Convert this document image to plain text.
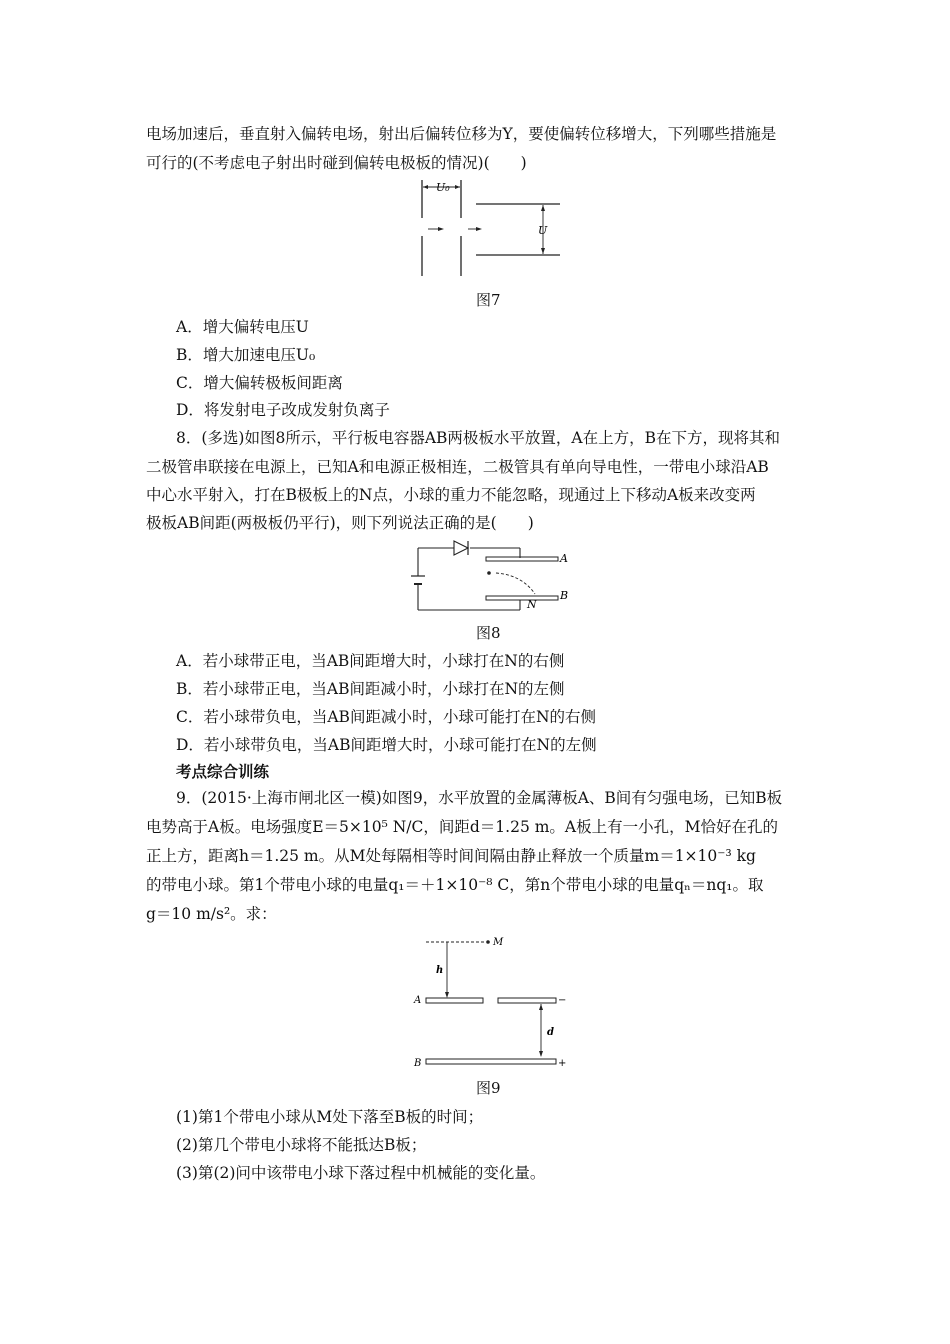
电场加速后，垂直射入偏转电场，射出后偏转位移为Y，要使偏转位移增大，下列哪些措施是
可行的(不考虑电子射出时碰到偏转电极板的情况)(　　)
U₀
U
图7
A．增大偏转电压U
B．增大加速电压U₀
C．增大偏转极板间距离
D．将发射电子改成发射负离子
8．(多选)如图8所示，平行板电容器AB两极板水平放置，A在上方，B在下方，现将其和
二极管串联接在电源上，已知A和电源正极相连，二极管具有单向导电性，一带电小球沿AB
中心水平射入，打在B极板上的N点，小球的重力不能忽略，现通过上下移动A板来改变两
极板AB间距(两极板仍平行)，则下列说法正确的是(　　)
A
B
N
图8
A．若小球带正电，当AB间距增大时，小球打在N的右侧
B．若小球带正电，当AB间距减小时，小球打在N的左侧
C．若小球带负电，当AB间距减小时，小球可能打在N的右侧
D．若小球带负电，当AB间距增大时，小球可能打在N的左侧
考点综合训练
9．(2015·上海市闸北区一模)如图9，水平放置的金属薄板A、B间有匀强电场，已知B板
电势高于A板。电场强度E＝5×10⁵ N/C，间距d＝1.25 m。A板上有一小孔，M恰好在孔的
正上方，距离h＝1.25 m。从M处每隔相等时间间隔由静止释放一个质量m＝1×10⁻³ kg
的带电小球。第1个带电小球的电量q₁＝＋1×10⁻⁸ C，第n个带电小球的电量qₙ＝nq₁。取
g＝10 m/s²。求：
M
h
A	−
d
B	+
图9
(1)第1个带电小球从M处下落至B板的时间；
(2)第几个带电小球将不能抵达B板；
(3)第(2)问中该带电小球下落过程中机械能的变化量。
